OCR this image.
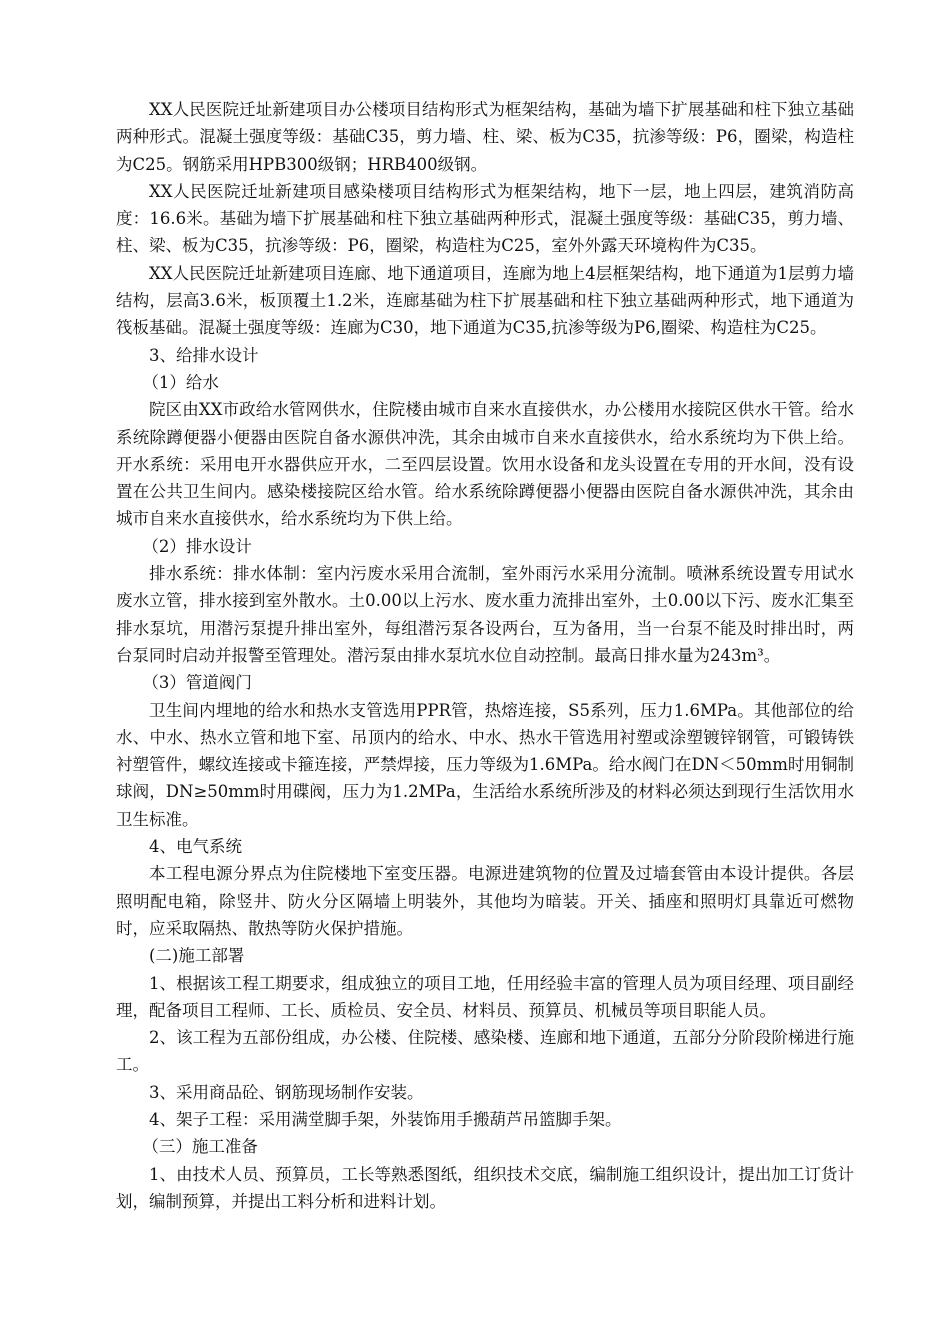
XX人民医院迁址新建项目办公楼项目结构形式为框架结构，基础为墙下扩展基础和柱下独立基础两种形式。混凝土强度等级：基础C35，剪力墙、柱、梁、板为C35，抗渗等级：P6，圈梁，构造柱为C25。钢筋采用HPB300级钢；HRB400级钢。

XX人民医院迁址新建项目感染楼项目结构形式为框架结构，地下一层，地上四层，建筑消防高度：16.6米。基础为墙下扩展基础和柱下独立基础两种形式，混凝土强度等级：基础C35，剪力墙、柱、梁、板为C35，抗渗等级：P6，圈梁，构造柱为C25，室外外露天环境构件为C35。

XX人民医院迁址新建项目连廊、地下通道项目，连廊为地上4层框架结构，地下通道为1层剪力墙结构，层高3.6米，板顶覆土1.2米，连廊基础为柱下扩展基础和柱下独立基础两种形式，地下通道为筏板基础。混凝土强度等级：连廊为C30，地下通道为C35,抗渗等级为P6,圈梁、构造柱为C25。

3、给排水设计

（1）给水

院区由XX市政给水管网供水，住院楼由城市自来水直接供水，办公楼用水接院区供水干管。给水系统除蹲便器小便器由医院自备水源供冲洗，其余由城市自来水直接供水，给水系统均为下供上给。开水系统：采用电开水器供应开水，二至四层设置。饮用水设备和龙头设置在专用的开水间，没有设置在公共卫生间内。感染楼接院区给水管。给水系统除蹲便器小便器由医院自备水源供冲洗，其余由城市自来水直接供水，给水系统均为下供上给。

（2）排水设计

排水系统：排水体制：室内污废水采用合流制，室外雨污水采用分流制。喷淋系统设置专用试水废水立管，排水接到室外散水。土0.00以上污水、废水重力流排出室外，土0.00以下污、废水汇集至排水泵坑，用潜污泵提升排出室外，每组潜污泵各设两台，互为备用，当一台泵不能及时排出时，两台泵同时启动并报警至管理处。潜污泵由排水泵坑水位自动控制。最高日排水量为243m³。

（3）管道阀门

卫生间内埋地的给水和热水支管选用PPR管，热熔连接，S5系列，压力1.6MPa。其他部位的给水、中水、热水立管和地下室、吊顶内的给水、中水、热水干管选用衬塑或涂塑镀锌钢管，可锻铸铁衬塑管件，螺纹连接或卡箍连接，严禁焊接，压力等级为1.6MPa。给水阀门在DN＜50mm时用铜制球阀，DN≥50mm时用碟阀，压力为1.2MPa，生活给水系统所涉及的材料必须达到现行生活饮用水卫生标准。

4、电气系统

本工程电源分界点为住院楼地下室变压器。电源进建筑物的位置及过墙套管由本设计提供。各层照明配电箱，除竖井、防火分区隔墙上明装外，其他均为暗装。开关、插座和照明灯具靠近可燃物时，应采取隔热、散热等防火保护措施。

(二)施工部署

1、根据该工程工期要求，组成独立的项目工地，任用经验丰富的管理人员为项目经理、项目副经理，配备项目工程师、工长、质检员、安全员、材料员、预算员、机械员等项目职能人员。

2、该工程为五部份组成，办公楼、住院楼、感染楼、连廊和地下通道，五部分分阶段阶梯进行施工。

3、采用商品砼、钢筋现场制作安装。

4、架子工程：采用满堂脚手架，外装饰用手搬葫芦吊篮脚手架。

（三）施工准备

1、由技术人员、预算员，工长等熟悉图纸，组织技术交底，编制施工组织设计，提出加工订货计划，编制预算，并提出工料分析和进料计划。
